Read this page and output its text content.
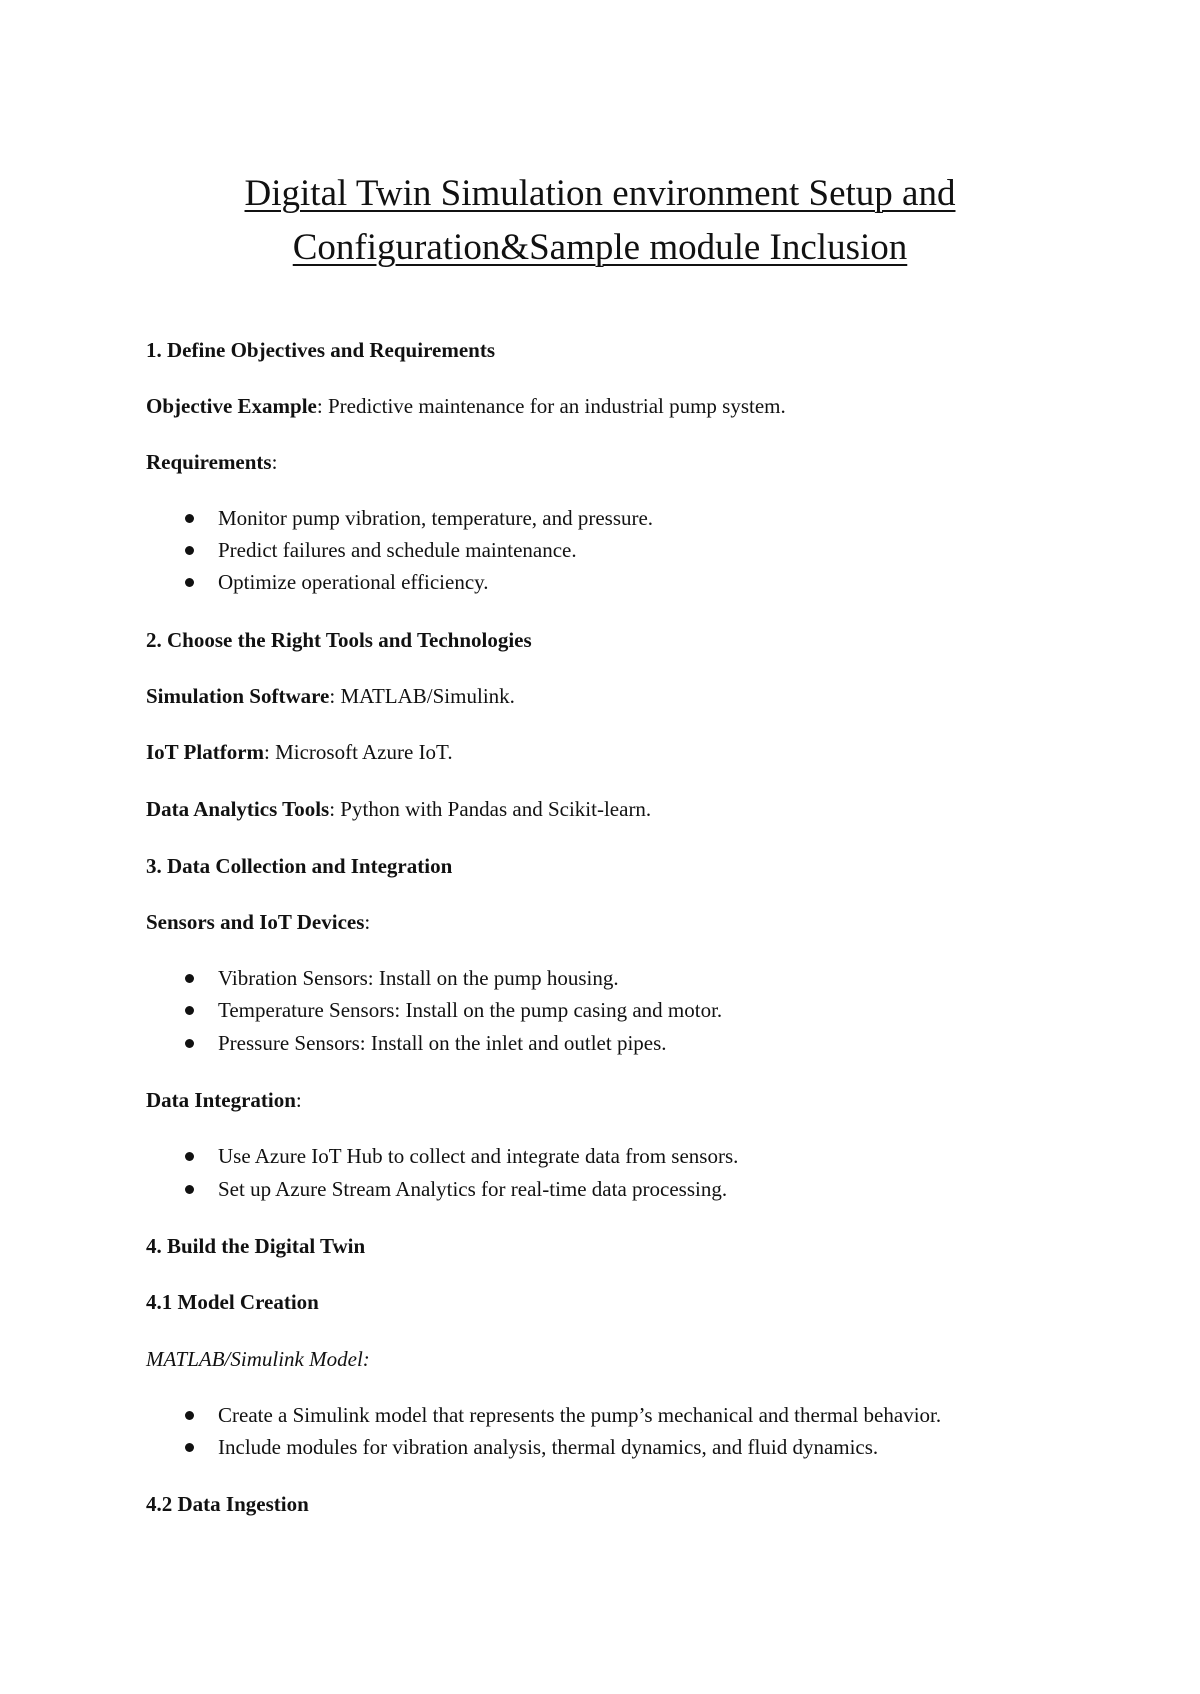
Digital Twin Simulation environment Setup and
Configuration&Sample module Inclusion
1. Define Objectives and Requirements
Objective Example: Predictive maintenance for an industrial pump system.
Requirements:
Monitor pump vibration, temperature, and pressure.
Predict failures and schedule maintenance.
Optimize operational efficiency.
2. Choose the Right Tools and Technologies
Simulation Software: MATLAB/Simulink.
IoT Platform: Microsoft Azure IoT.
Data Analytics Tools: Python with Pandas and Scikit-learn.
3. Data Collection and Integration
Sensors and IoT Devices:
Vibration Sensors: Install on the pump housing.
Temperature Sensors: Install on the pump casing and motor.
Pressure Sensors: Install on the inlet and outlet pipes.
Data Integration:
Use Azure IoT Hub to collect and integrate data from sensors.
Set up Azure Stream Analytics for real-time data processing.
4. Build the Digital Twin
4.1 Model Creation
MATLAB/Simulink Model:
Create a Simulink model that represents the pump’s mechanical and thermal behavior.
Include modules for vibration analysis, thermal dynamics, and fluid dynamics.
4.2 Data Ingestion
